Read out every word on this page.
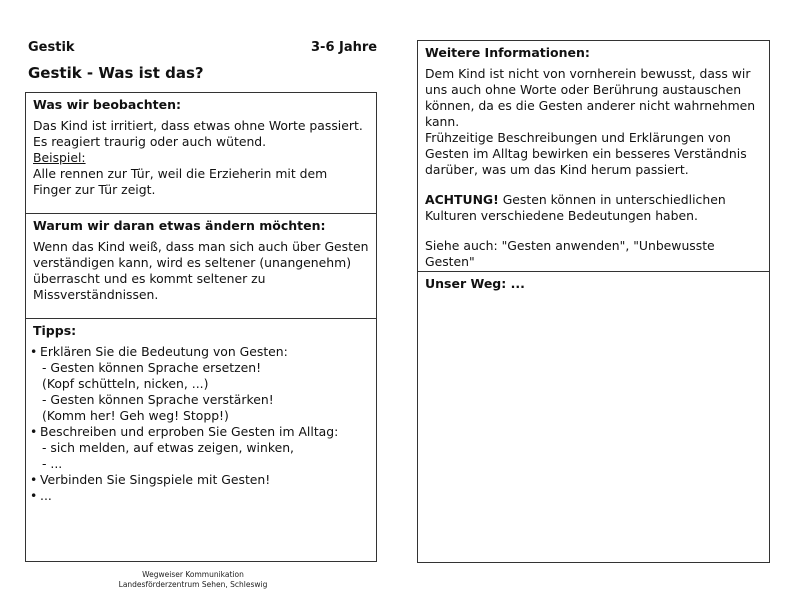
Gestik	3-6 Jahre
Gestik - Was ist das?
Was wir beobachten:

Das Kind ist irritiert, dass etwas ohne Worte passiert.

Es reagiert traurig oder auch wütend.

Beispiel:

Alle rennen zur Tür, weil die Erzieherin mit dem

Finger zur Tür zeigt.

Warum wir daran etwas ändern möchten:

Wenn das Kind weiß, dass man sich auch über Gesten

verständigen kann, wird es seltener (unangenehm)

überrascht und es kommt seltener zu

Missverständnissen.

Tipps:
• Erklären Sie die Bedeutung von Gesten:
- Gesten können Sprache ersetzen!
(Kopf schütteln, nicken, ...)
- Gesten können Sprache verstärken!
(Komm her! Geh weg! Stopp!)
• Beschreiben und erproben Sie Gesten im Alltag:
- sich melden, auf etwas zeigen, winken,
- ...
• Verbinden Sie Singspiele mit Gesten!
• ...
Weitere Informationen:

Dem Kind ist nicht von vornherein bewusst, dass wir

uns auch ohne Worte oder Berührung austauschen

können, da es die Gesten anderer nicht wahrnehmen

kann.

Frühzeitige Beschreibungen und Erklärungen von

Gesten im Alltag bewirken ein besseres Verständnis

darüber, was um das Kind herum passiert.

ACHTUNG! Gesten können in unterschiedlichen

Kulturen verschiedene Bedeutungen haben.

Siehe auch: "Gesten anwenden", "Unbewusste

Gesten"

Unser Weg: ...
Wegweiser Kommunikation
Landesförderzentrum Sehen, Schleswig
